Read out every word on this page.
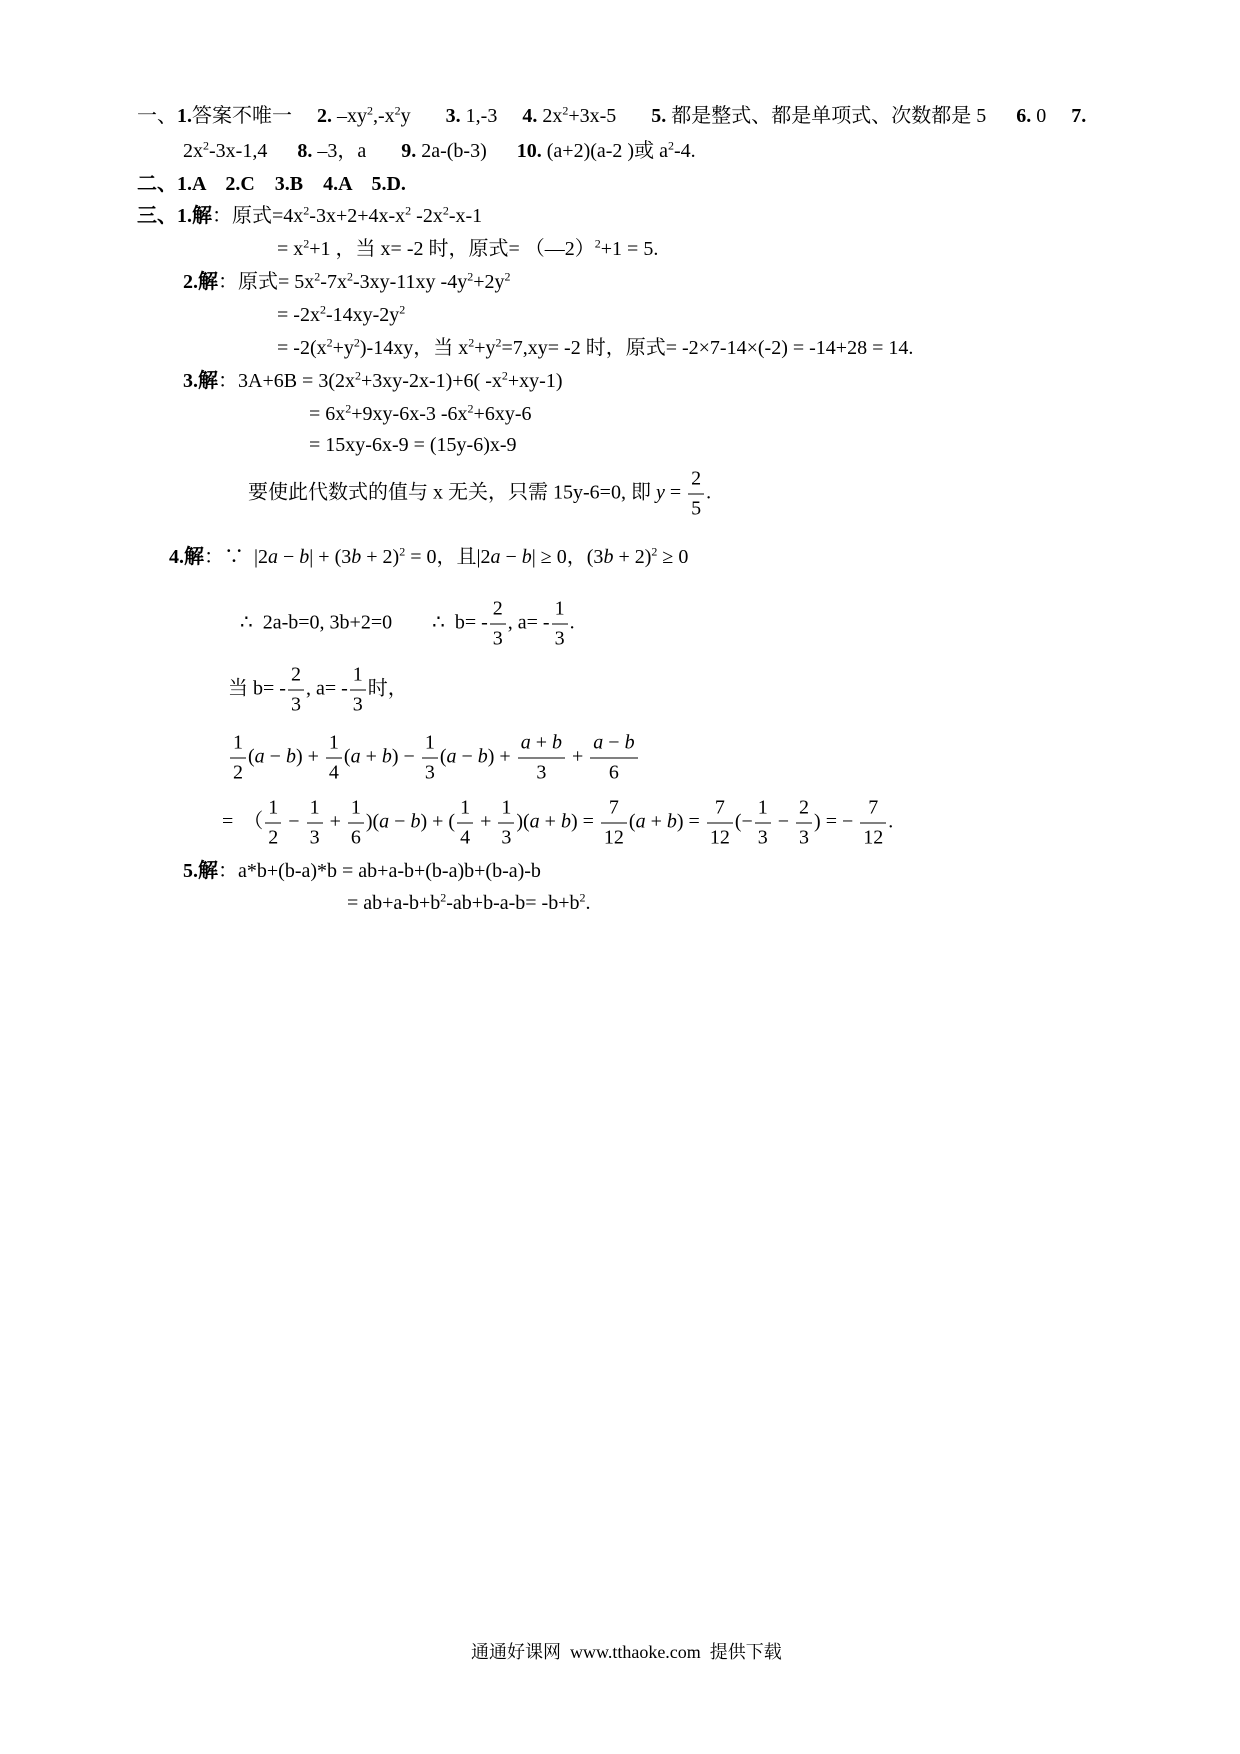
一、1.答案不唯一     2. $-xy^2,-x^2y$       3. 1,-3     4. $2x^2+3x-5$       5. 都是整式、都是单项式、次数都是 5      6. 0     7.
$2x^2-3x-1,4$      8. –3，a       9. 2a-(b-3)      10. (a+2)(a-2 )或 $a^2-4$.
二、1.A    2.C    3.B    4.A    5.D.
三、1.解：原式$=4x^2-3x+2+4x-x^2$ $-2x^2-x-1$
= $x^2+1$ ，当 x= -2 时，原式= （—2）$^2$+1 = 5.
2.解：原式= $5x^2-7x^2-3xy-11xy$ $-4y^2+2y^2$
= $-2x^2-14xy-2y^2$
= $-2(x^2+y^2)-14xy$，当 $x^2+y^2=7,xy= -2$ 时，原式= -2×7-14×(-2) = -14+28 = 14.
3.解：$3A+6B = 3(2x^2+3xy-2x-1)+6$( $-x^2+xy-1$)
= $6x^2+9xy-6x-3$ $-6x^2+6xy-6$
= 15xy-6x-9 = (15y-6)x-9
要使此代数式的值与 x 无关，只需 15y-6=0, 即 $y = \frac{2}{5}$ .
4.解：∵  $|2a - b| + (3b + 2)^2 = 0$，且|2a − b| ≥ 0，$(3b + 2)^2 \ge 0$
∴  2a-b=0, 3b+2=0        ∴  $b= - \frac{2}{3}$ , $a= - \frac{1}{3}$ .
当 $b= - \frac{2}{3}$ , $a= - \frac{1}{3}$ 时，
$\frac{1}{2} (a - b) + \frac{1}{4} (a + b) - \frac{1}{3} (a - b) + \frac{a + b}{3} + \frac{a - b}{6}$
=  （ $\frac{1}{2} - \frac{1}{3} + \frac{1}{6} )(a - b)$ + ( $\frac{1}{4} + \frac{1}{3} )(a + b) = \frac{7}{12} (a + b) = \frac{7}{12}$ (− $\frac{1}{3} - \frac{2}{3}$ ) = − $\frac{7}{12}$ .
5.解：a*b+(b-a)*b = ab+a-b+(b-a)b+(b-a)-b
= $ab+a-b+b^2-ab+b-a-b= -b+b^2$.
通通好课网  www.tthaoke.com  提供下载
